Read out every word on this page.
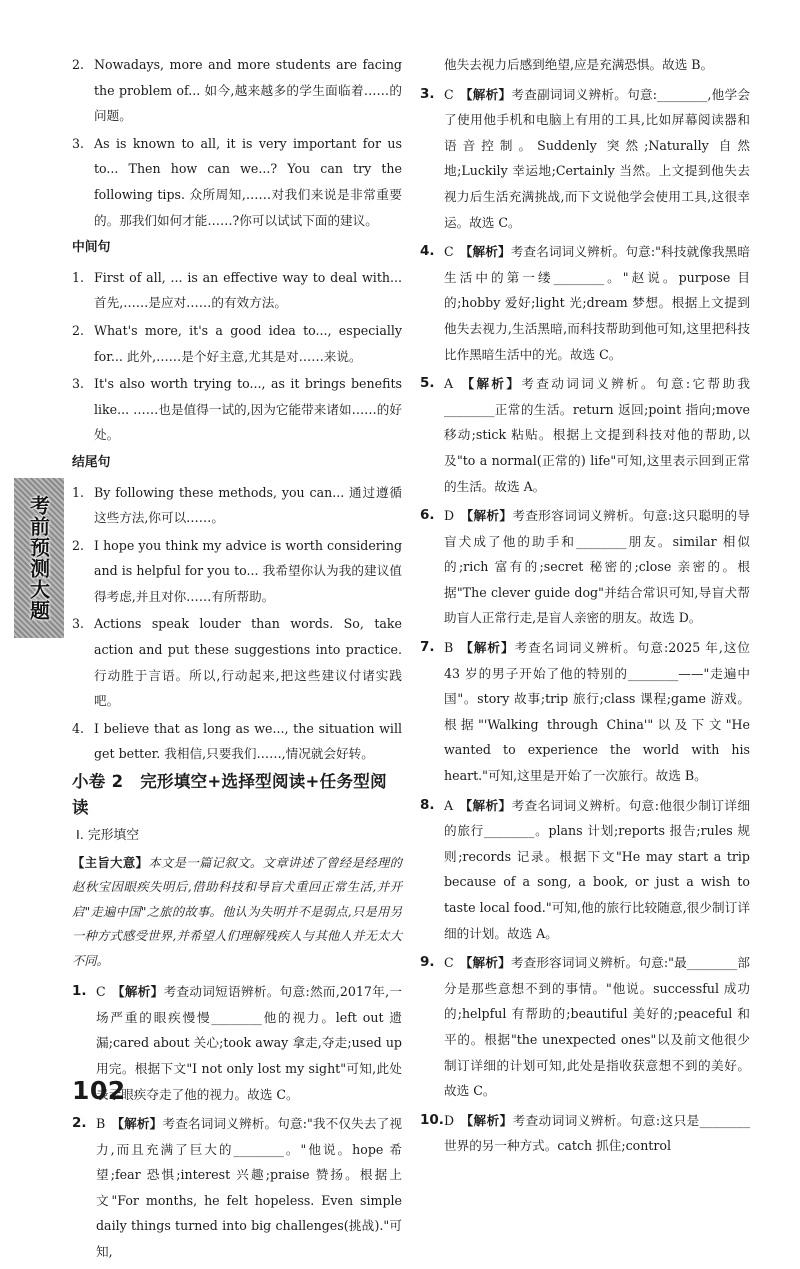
考前预测大题
2. Nowadays, more and more students are facing the problem of... 如今,越来越多的学生面临着……的问题。
3. As is known to all, it is very important for us to... Then how can we...? You can try the following tips. 众所周知,……对我们来说是非常重要的。那我们如何才能……?你可以试试下面的建议。
中间句
1. First of all, ... is an effective way to deal with... 首先,……是应对……的有效方法。
2. What's more, it's a good idea to..., especially for... 此外,……是个好主意,尤其是对……来说。
3. It's also worth trying to..., as it brings benefits like... ……也是值得一试的,因为它能带来诸如……的好处。
结尾句
1. By following these methods, you can... 通过遵循这些方法,你可以……。
2. I hope you think my advice is worth considering and is helpful for you to... 我希望你认为我的建议值得考虑,并且对你……有所帮助。
3. Actions speak louder than words. So, take action and put these suggestions into practice. 行动胜于言语。所以,行动起来,把这些建议付诸实践吧。
4. I believe that as long as we..., the situation will get better. 我相信,只要我们……,情况就会好转。
小卷 2　完形填空+选择型阅读+任务型阅读
Ⅰ. 完形填空
【主旨大意】本文是一篇记叙文。文章讲述了曾经是经理的赵秋宝因眼疾失明后,借助科技和导盲犬重回正常生活,并开启"走遍中国"之旅的故事。他认为失明并不是弱点,只是用另一种方式感受世界,并希望人们理解残疾人与其他人并无太大不同。
1. C 【解析】考查动词短语辨析。句意:然而,2017年,一场严重的眼疾慢慢________他的视力。left out 遗漏;cared about 关心;took away 拿走,夺走;used up 用完。根据下文"I not only lost my sight"可知,此处表示眼疾夺走了他的视力。故选 C。
2. B 【解析】考查名词词义辨析。句意:"我不仅失去了视力,而且充满了巨大的________。"他说。hope 希望;fear 恐惧;interest 兴趣;praise 赞扬。根据上文"For months, he felt hopeless. Even simple daily things turned into big challenges(挑战)."可知,
他失去视力后感到绝望,应是充满恐惧。故选 B。
3. C 【解析】考查副词词义辨析。句意:________,他学会了使用他手机和电脑上有用的工具,比如屏幕阅读器和语音控制。Suddenly 突然;Naturally 自然地;Luckily 幸运地;Certainly 当然。上文提到他失去视力后生活充满挑战,而下文说他学会使用工具,这很幸运。故选 C。
4. C 【解析】考查名词词义辨析。句意:"科技就像我黑暗生活中的第一缕________。"赵说。purpose 目的;hobby 爱好;light 光;dream 梦想。根据上文提到他失去视力,生活黑暗,而科技帮助到他可知,这里把科技比作黑暗生活中的光。故选 C。
5. A 【解析】考查动词词义辨析。句意:它帮助我________正常的生活。return 返回;point 指向;move 移动;stick 粘贴。根据上文提到科技对他的帮助,以及"to a normal(正常的) life"可知,这里表示回到正常的生活。故选 A。
6. D 【解析】考查形容词词义辨析。句意:这只聪明的导盲犬成了他的助手和________朋友。similar 相似的;rich 富有的;secret 秘密的;close 亲密的。根据"The clever guide dog"并结合常识可知,导盲犬帮助盲人正常行走,是盲人亲密的朋友。故选 D。
7. B 【解析】考查名词词义辨析。句意:2025 年,这位 43 岁的男子开始了他的特别的________——"走遍中国"。story 故事;trip 旅行;class 课程;game 游戏。根据"'Walking through China'"以及下文"He wanted to experience the world with his heart."可知,这里是开始了一次旅行。故选 B。
8. A 【解析】考查名词词义辨析。句意:他很少制订详细的旅行________。plans 计划;reports 报告;rules 规则;records 记录。根据下文"He may start a trip because of a song, a book, or just a wish to taste local food."可知,他的旅行比较随意,很少制订详细的计划。故选 A。
9. C 【解析】考查形容词词义辨析。句意:"最________部分是那些意想不到的事情。"他说。successful 成功的;helpful 有帮助的;beautiful 美好的;peaceful 和平的。根据"the unexpected ones"以及前文他很少制订详细的计划可知,此处是指收获意想不到的美好。故选 C。
10. D 【解析】考查动词词义辨析。句意:这只是________世界的另一种方式。catch 抓住;control
102
